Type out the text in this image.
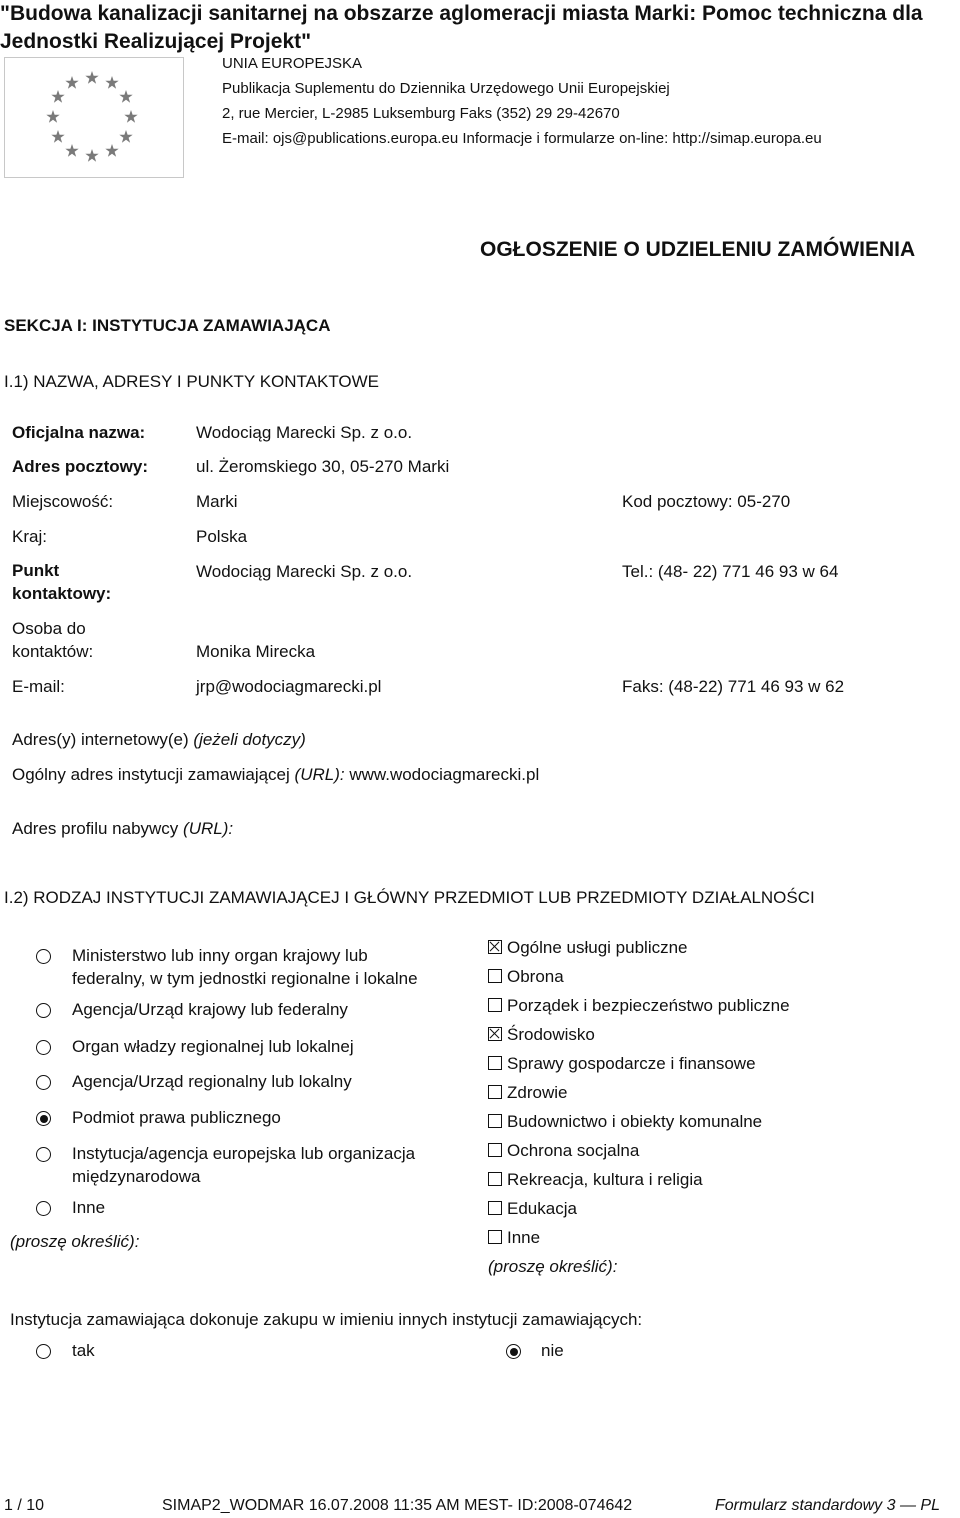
"Budowa kanalizacji sanitarnej na obszarze aglomeracji miasta Marki: Pomoc techniczna dla Jednostki Realizującej Projekt"
UNIA EUROPEJSKA
Publikacja Suplementu do Dziennika Urzędowego Unii Europejskiej
2, rue Mercier, L-2985 Luksemburg Faks (352) 29 29-42670
E-mail: ojs@publications.europa.eu Informacje i formularze on-line: http://simap.europa.eu
OGŁOSZENIE O UDZIELENIU ZAMÓWIENIA
SEKCJA I: INSTYTUCJA ZAMAWIAJĄCA
I.1) NAZWA, ADRESY I PUNKTY KONTAKTOWE
Oficjalna nazwa:	Wodociąg Marecki Sp. z o.o.
Adres pocztowy:	ul. Żeromskiego 30, 05-270 Marki
Miejscowość:	Marki	Kod pocztowy: 05-270
Kraj:	Polska
Punkt
kontaktowy:
Wodociąg Marecki Sp. z o.o.	Tel.: (48- 22) 771 46 93 w 64
Osoba do
kontaktów:	Monika Mirecka
E-mail:	jrp@wodociagmarecki.pl	Faks: (48-22) 771 46 93 w 62
Adres(y) internetowy(e) (jeżeli dotyczy)
Ogólny adres instytucji zamawiającej (URL): www.wodociagmarecki.pl
Adres profilu nabywcy (URL):
I.2) RODZAJ INSTYTUCJI ZAMAWIAJĄCEJ I GŁÓWNY PRZEDMIOT LUB PRZEDMIOTY DZIAŁALNOŚCI
Ministerstwo lub inny organ krajowy lub
federalny, w tym jednostki regionalne i lokalne
Agencja/Urząd krajowy lub federalny
Organ władzy regionalnej lub lokalnej
Agencja/Urząd regionalny lub lokalny
Podmiot prawa publicznego
Instytucja/agencja europejska lub organizacja
międzynarodowa
Inne
(proszę określić):
Ogólne usługi publiczne
Obrona
Porządek i bezpieczeństwo publiczne
Środowisko
Sprawy gospodarcze i finansowe
Zdrowie
Budownictwo i obiekty komunalne
Ochrona socjalna
Rekreacja, kultura i religia
Edukacja
Inne
(proszę określić):
Instytucja zamawiająca dokonuje zakupu w imieniu innych instytucji zamawiających:
tak	nie
1 / 10	SIMAP2_WODMAR 16.07.2008 11:35 AM MEST- ID:2008-074642	Formularz standardowy 3 — PL
